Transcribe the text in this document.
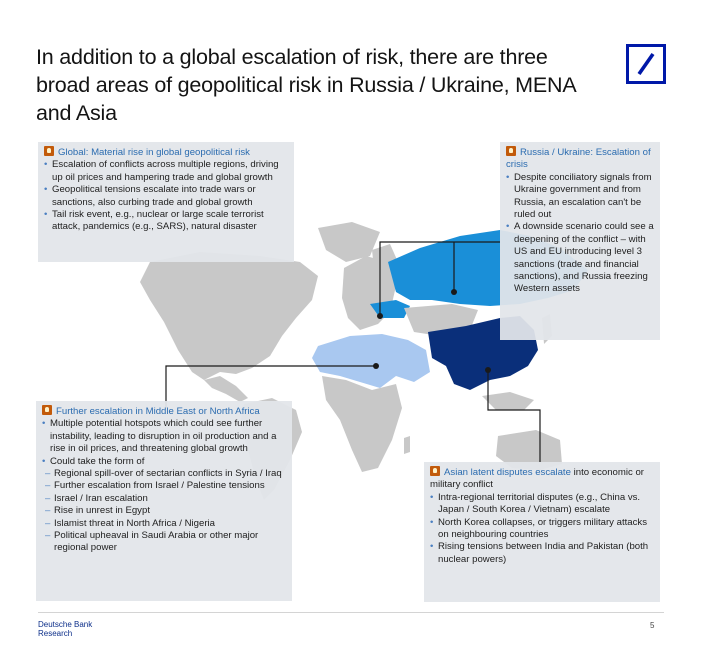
In addition to a global escalation of risk, there are three broad areas of geopolitical risk in Russia / Ukraine, MENA and Asia
Global: Material rise in global geopolitical risk
• Escalation of conflicts across multiple regions, driving up oil prices and hampering trade and global growth
• Geopolitical tensions escalate into trade wars or sanctions, also curbing trade and global growth
• Tail risk event, e.g., nuclear or large scale terrorist attack, pandemics (e.g., SARS), natural disaster
Russia / Ukraine: Escalation of crisis
• Despite conciliatory signals from Ukraine government and from Russia, an escalation can't be ruled out
• A downside scenario could see a deepening of the conflict – with US and EU introducing level 3 sanctions (trade and financial sanctions), and Russia freezing Western assets
Further escalation in Middle East or North Africa
• Multiple potential hotspots which could see further instability, leading to disruption in oil production and a rise in oil prices, and threatening global growth
• Could take the form of
– Regional spill-over of sectarian conflicts in Syria / Iraq
– Further escalation from Israel / Palestine tensions
– Israel / Iran escalation
– Rise in unrest in Egypt
– Islamist threat in North Africa / Nigeria
– Political upheaval in Saudi Arabia or other major regional power
Asian latent disputes escalate into economic or military conflict
• Intra-regional territorial disputes (e.g., China vs. Japan / South Korea / Vietnam) escalate
• North Korea collapses, or triggers military attacks on neighbouring countries
• Rising tensions between India and Pakistan (both nuclear powers)
Deutsche Bank
Research
5
